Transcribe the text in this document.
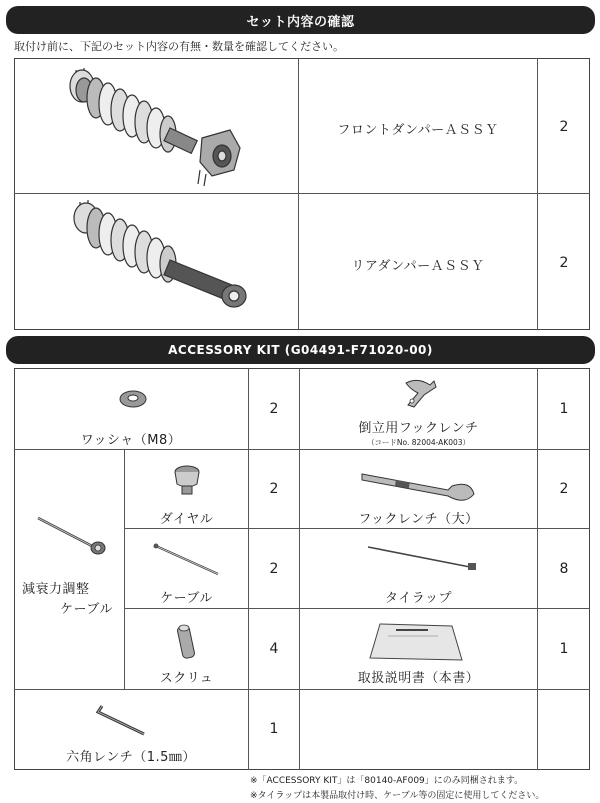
セット内容の確認
取付け前に、下記のセット内容の有無・数量を確認してください。
フロントダンパーＡＳＳＹ	2
リアダンパーＡＳＳＹ	2
ACCESSORY KIT (G04491-F71020-00)
ワッシャ（M8）
2
倒立用フックレンチ
（コードNo. 82004-AK003）
1
減衰力調整
ケーブル
ダイヤル
2
フックレンチ（大）
2
ケーブル
2
タイラップ
8
スクリュ
4
取扱説明書（本書）
1
六角レンチ（1.5㎜）
1
※「ACCESSORY KIT」は「80140-AF009」にのみ同梱されます。
※タイラップは本製品取付け時、ケーブル等の固定に使用してください。
